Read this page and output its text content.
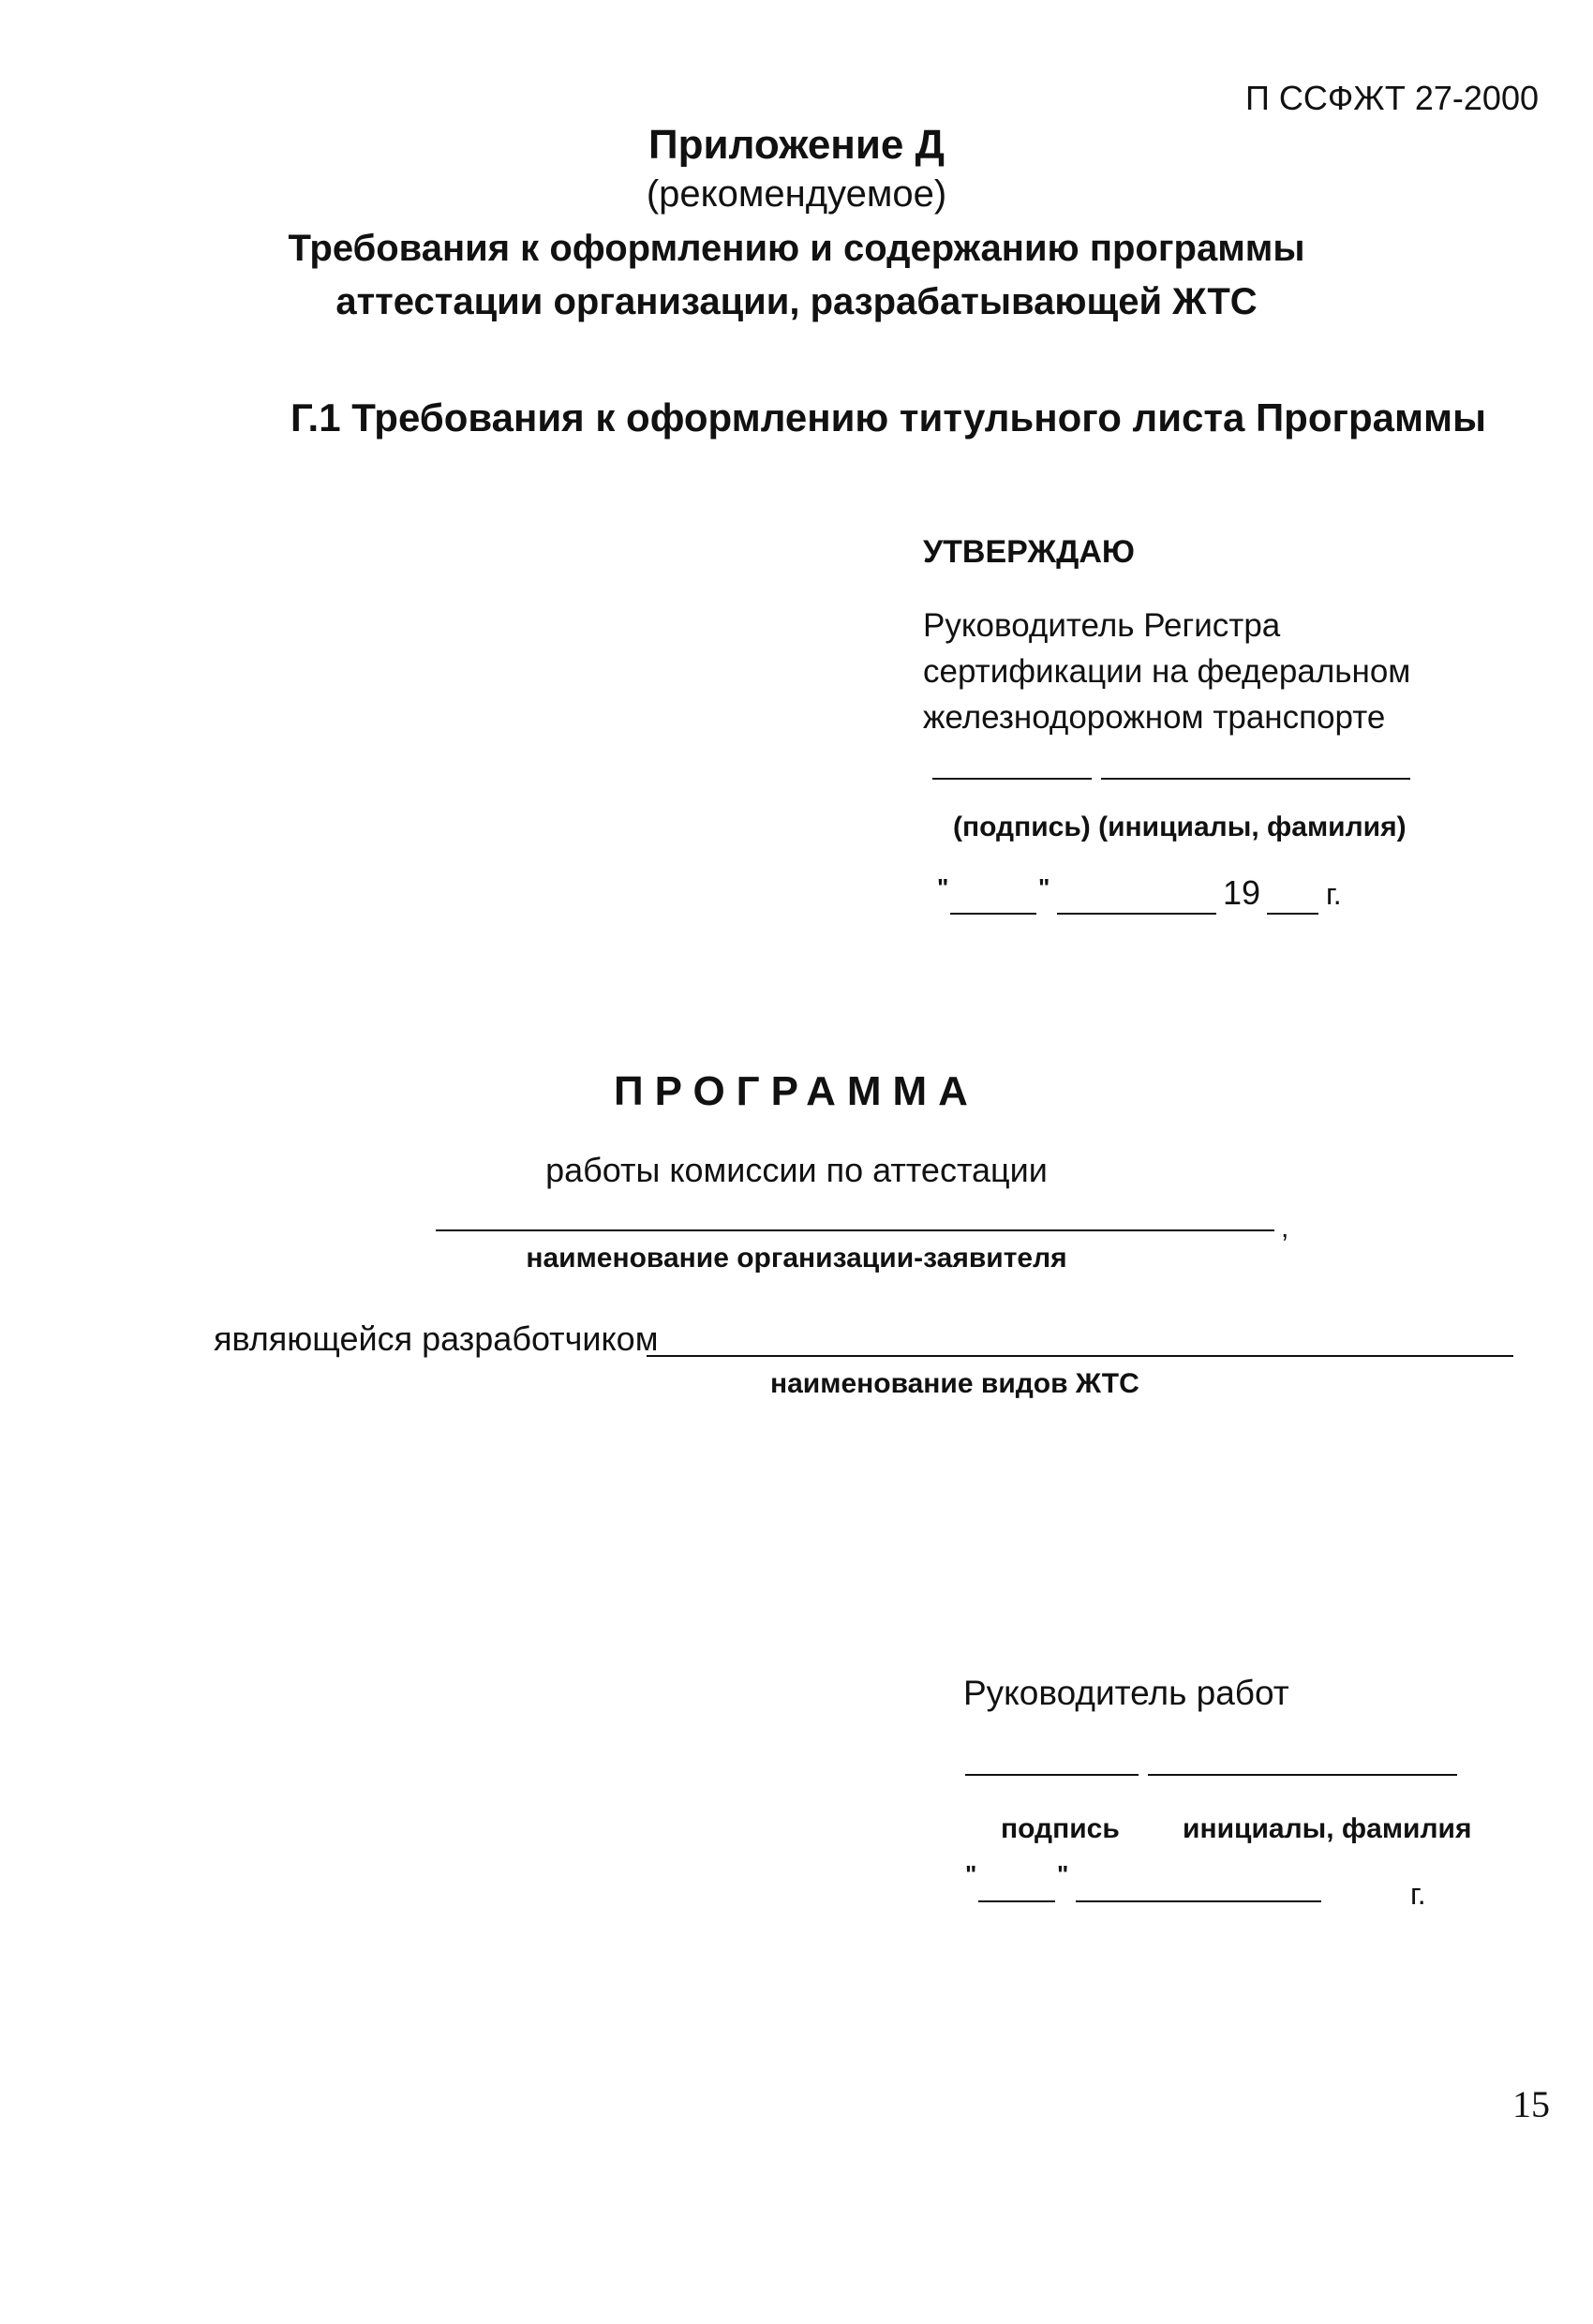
П ССФЖТ 27-2000
Приложение Д
(рекомендуемое)
Требования к оформлению и содержанию программы
аттестации организации, разрабатывающей ЖТС
Г.1 Требования к оформлению титульного листа Программы
УТВЕРЖДАЮ
Руководитель Регистра
сертификации на федеральном
железнодорожном транспорте
(подпись) (инициалы, фамилия)
"	"	19 г.
ПРОГРАММА
работы комиссии по аттестации
,
наименование организации-заявителя
являющейся разработчиком
наименование видов ЖТС
Руководитель работ
подпись инициалы, фамилия
"	"
г.
15
